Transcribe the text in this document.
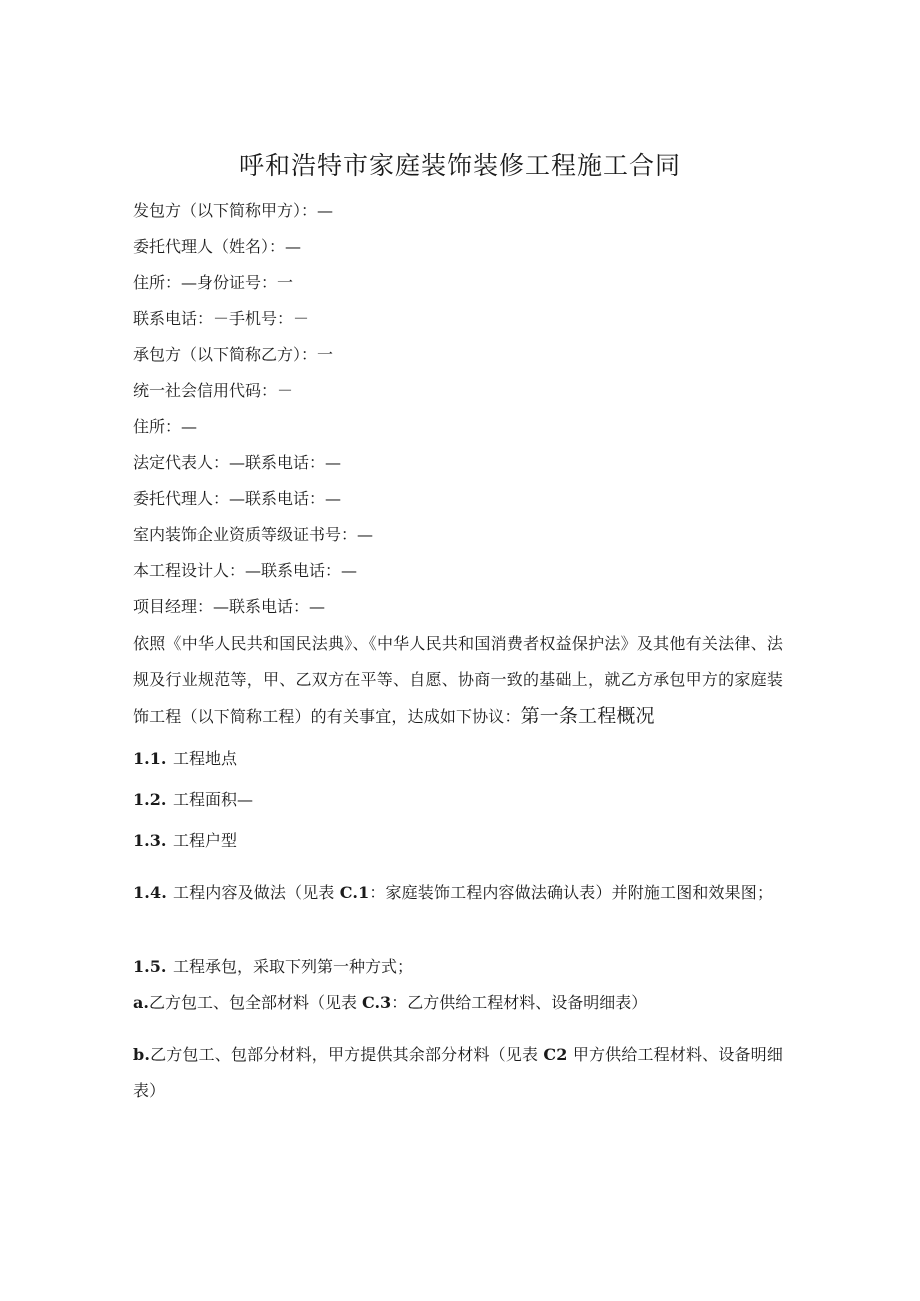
呼和浩特市家庭装饰装修工程施工合同
发包方（以下简称甲方）：—
委托代理人（姓名）：—
住所：—身份证号：一
联系电话：－手机号：－
承包方（以下简称乙方）：一
统一社会信用代码：－
住所：—
法定代表人：—联系电话：—
委托代理人：—联系电话：—
室内装饰企业资质等级证书号：—
本工程设计人：—联系电话：—
项目经理：—联系电话：—
依照《中华人民共和国民法典》、《中华人民共和国消费者权益保护法》及其他有关法律、法规及行业规范等，甲、乙双方在平等、自愿、协商一致的基础上，就乙方承包甲方的家庭装饰工程（以下简称工程）的有关事宜，达成如下协议：第一条工程概况
1.1. 工程地点
1.2. 工程面积—
1.3. 工程户型
1.4. 工程内容及做法（见表 C.1：家庭装饰工程内容做法确认表）并附施工图和效果图；
1.5. 工程承包，采取下列第一种方式；
a.乙方包工、包全部材料（见表 C.3：乙方供给工程材料、设备明细表）
b.乙方包工、包部分材料，甲方提供其余部分材料（见表 C2 甲方供给工程材料、设备明细表）
